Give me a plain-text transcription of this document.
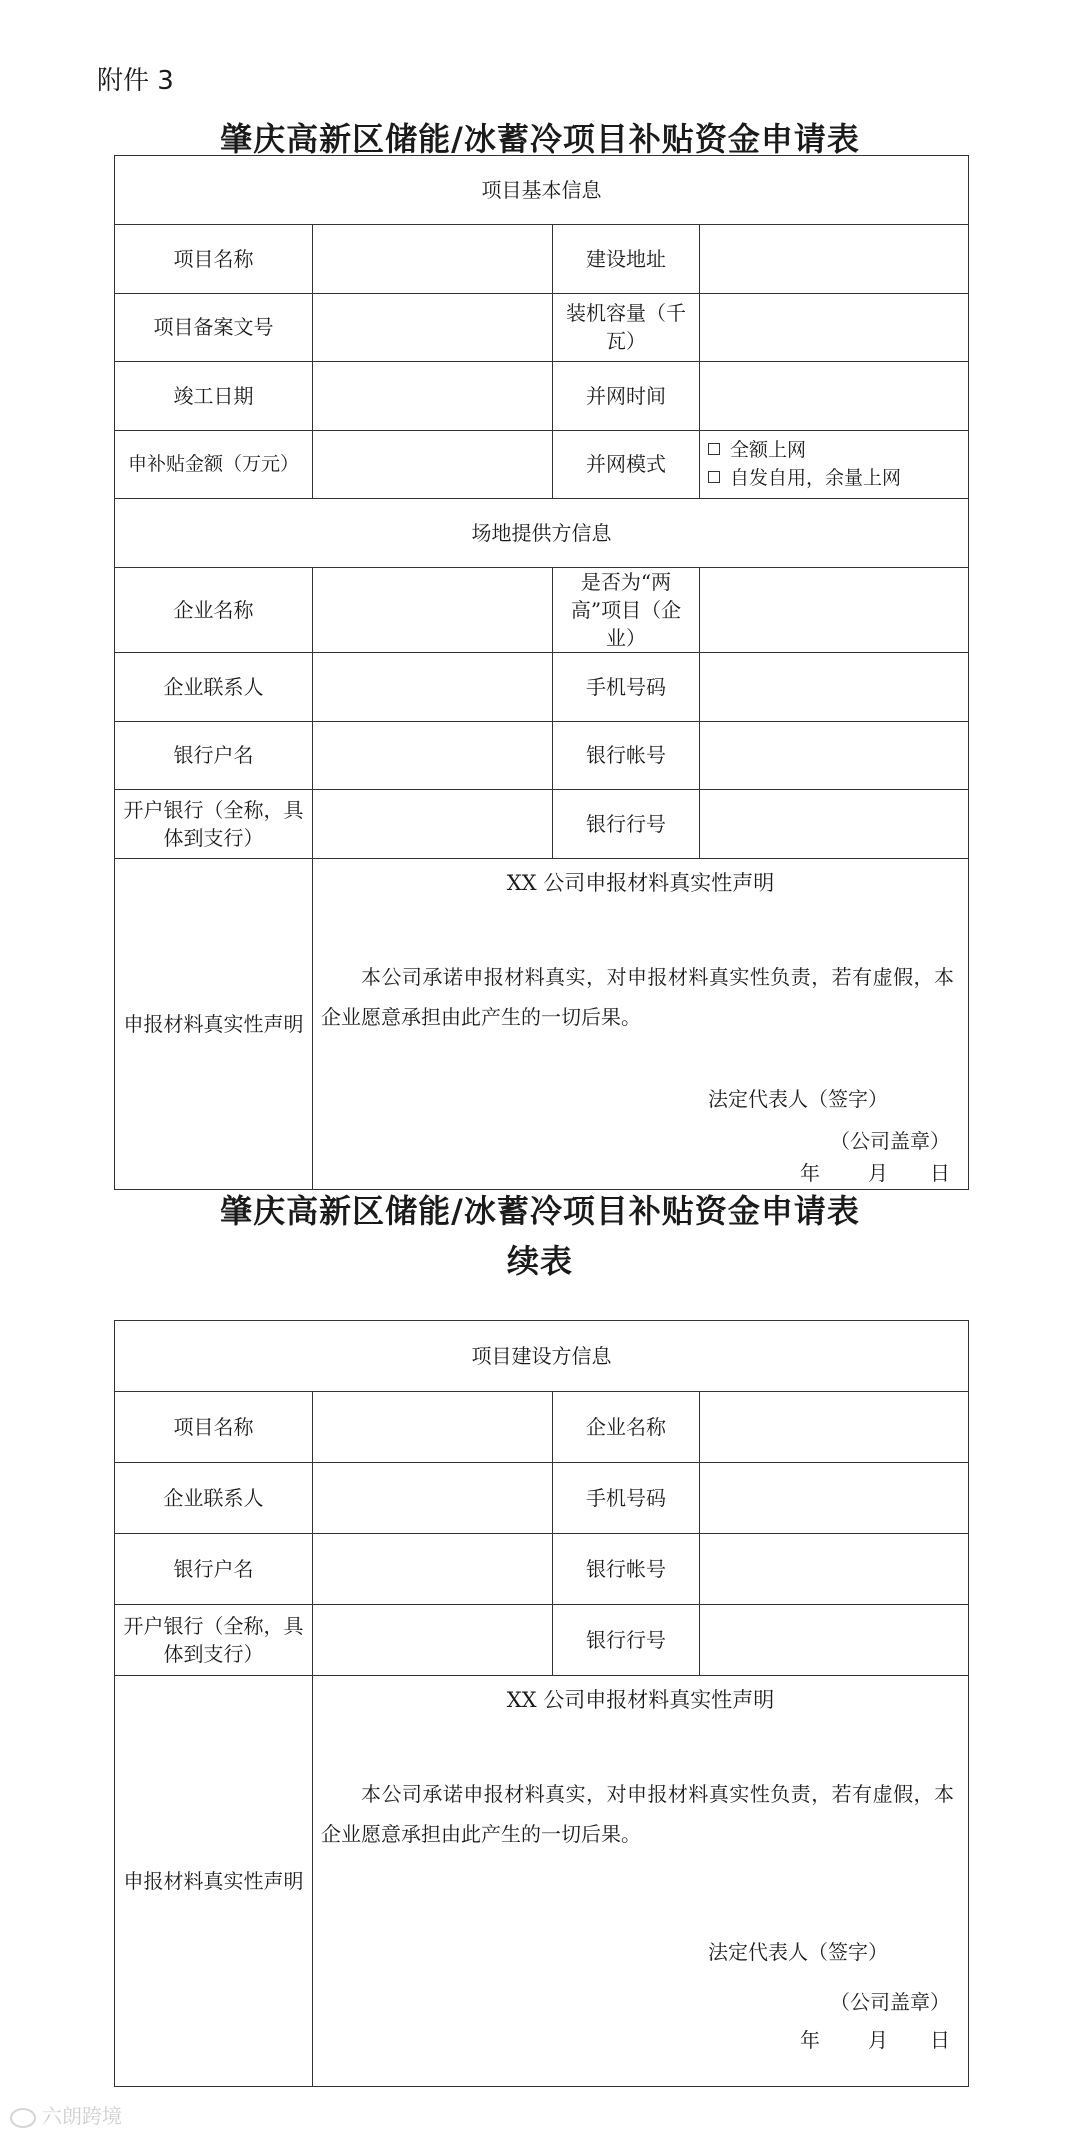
附件 3
肇庆高新区储能/冰蓄冷项目补贴资金申请表
项目基本信息			
项目名称		建设地址	
项目备案文号		装机容量（千瓦）	
竣工日期		并网时间	
申补贴金额（万元）		并网模式	全额上网
自发自用，余量上网

场地提供方信息			
企业名称		是否为“两高”项目（企业）	
企业联系人		手机号码	
银行户名		银行帐号	
开户银行（全称，具体到支行）		银行行号	
申报材料真实性声明	XX 公司申报材料真实性声明
本公司承诺申报材料真实，对申报材料真实性负责，若有虚假，本企业愿意承担由此产生的一切后果。
法定代表人（签字）
（公司盖章）
年 月 日		
肇庆高新区储能/冰蓄冷项目补贴资金申请表
续表
项目建设方信息			
项目名称		企业名称	
企业联系人		手机号码	
银行户名		银行帐号	
开户银行（全称，具体到支行）		银行行号	
申报材料真实性声明	XX 公司申报材料真实性声明
本公司承诺申报材料真实，对申报材料真实性负责，若有虚假，本企业愿意承担由此产生的一切后果。
法定代表人（签字）
（公司盖章）
年 月 日		
六朗跨境
